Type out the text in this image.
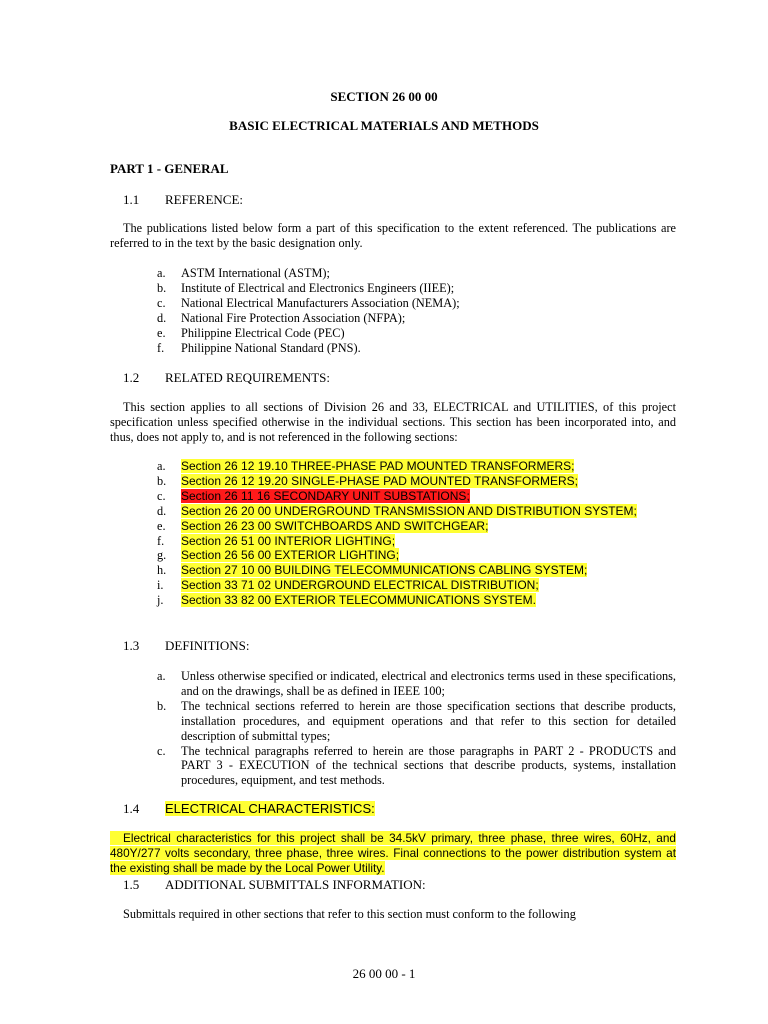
SECTION 26 00 00
BASIC ELECTRICAL MATERIALS AND METHODS
PART 1 - GENERAL
1.1 REFERENCE:
The publications listed below form a part of this specification to the extent referenced. The publications are referred to in the text by the basic designation only.
a. ASTM International (ASTM);
b. Institute of Electrical and Electronics Engineers (IIEE);
c. National Electrical Manufacturers Association (NEMA);
d. National Fire Protection Association (NFPA);
e. Philippine Electrical Code (PEC)
f. Philippine National Standard (PNS).
1.2 RELATED REQUIREMENTS:
This section applies to all sections of Division 26 and 33, ELECTRICAL and UTILITIES, of this project specification unless specified otherwise in the individual sections. This section has been incorporated into, and thus, does not apply to, and is not referenced in the following sections:
a. Section 26 12 19.10 THREE-PHASE PAD MOUNTED TRANSFORMERS;
b. Section 26 12 19.20 SINGLE-PHASE PAD MOUNTED TRANSFORMERS;
c. Section 26 11 16 SECONDARY UNIT SUBSTATIONS;
d. Section 26 20 00 UNDERGROUND TRANSMISSION AND DISTRIBUTION SYSTEM;
e. Section 26 23 00 SWITCHBOARDS AND SWITCHGEAR;
f. Section 26 51 00 INTERIOR LIGHTING;
g. Section 26 56 00 EXTERIOR LIGHTING;
h. Section 27 10 00 BUILDING TELECOMMUNICATIONS CABLING SYSTEM;
i. Section 33 71 02 UNDERGROUND ELECTRICAL DISTRIBUTION;
j. Section 33 82 00 EXTERIOR TELECOMMUNICATIONS SYSTEM.
1.3 DEFINITIONS:
a. Unless otherwise specified or indicated, electrical and electronics terms used in these specifications, and on the drawings, shall be as defined in IEEE 100;
b. The technical sections referred to herein are those specification sections that describe products, installation procedures, and equipment operations and that refer to this section for detailed description of submittal types;
c. The technical paragraphs referred to herein are those paragraphs in PART 2 - PRODUCTS and PART 3 - EXECUTION of the technical sections that describe products, systems, installation procedures, equipment, and test methods.
1.4 ELECTRICAL CHARACTERISTICS:
Electrical characteristics for this project shall be 34.5kV primary, three phase, three wires, 60Hz, and 480Y/277 volts secondary, three phase, three wires. Final connections to the power distribution system at the existing shall be made by the Local Power Utility.
1.5 ADDITIONAL SUBMITTALS INFORMATION:
Submittals required in other sections that refer to this section must conform to the following
26 00 00 - 1
